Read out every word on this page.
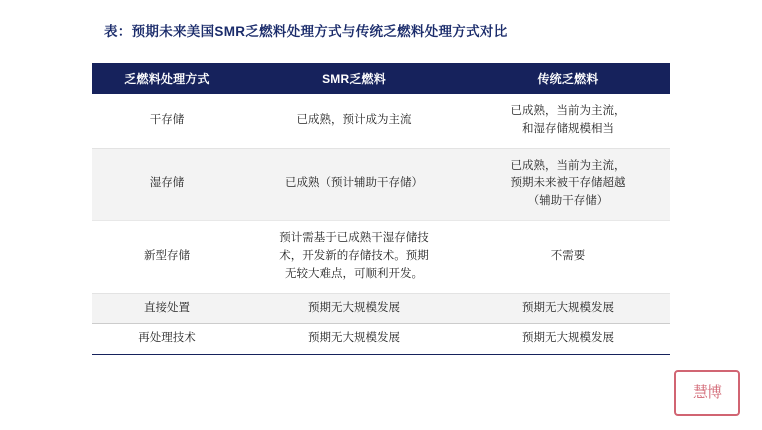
表：预期未来美国SMR乏燃料处理方式与传统乏燃料处理方式对比
乏燃料处理方式	SMR乏燃料	传统乏燃料
干存储	已成熟，预计成为主流	已成熟，当前为主流，
和湿存储规模相当

湿存储	已成熟（预计辅助干存储）	已成熟，当前为主流，
预期未来被干存储超越
（辅助干存储）

新型存储	预计需基于已成熟干湿存储技
术，开发新的存储技术。预期
无较大难点，可顺利开发。	不需要

直接处置	预期无大规模发展	预期无大规模发展

再处理技术	预期无大规模发展	预期无大规模发展
慧博
